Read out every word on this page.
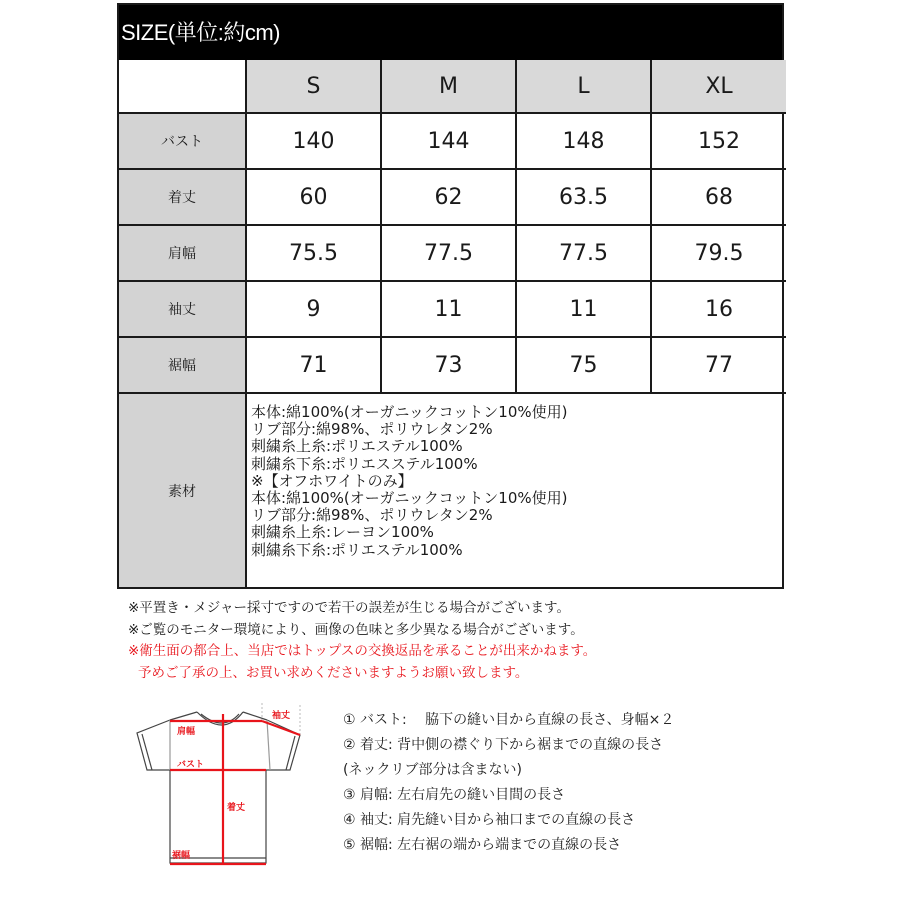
SIZE(単位:約cm)
S	M	L	XL
バスト	140	144	148	152
着丈	60	62	63.5	68
肩幅	75.5	77.5	77.5	79.5
袖丈	9	11	11	16
裾幅	71	73	75	77
素材
本体:綿100%(オーガニックコットン10%使用)
リブ部分:綿98%、ポリウレタン2%
刺繍糸上糸:ポリエステル100%
刺繍糸下糸:ポリエスステル100%
※【オフホワイトのみ】
本体:綿100%(オーガニックコットン10%使用)
リブ部分:綿98%、ポリウレタン2%
刺繍糸上糸:レーヨン100%
刺繍糸下糸:ポリエステル100%
※平置き・メジャー採寸ですので若干の誤差が生じる場合がございます。
※ご覧のモニター環境により、画像の色味と多少異なる場合がございます。
※衛生面の都合上、当店ではトップスの交換返品を承ることが出来かねます。
予めご了承の上、お買い求めくださいますようお願い致します。
肩幅
袖丈
バスト
着丈
裾幅
① バスト:　 脇下の縫い目から直線の長さ、身幅×２
② 着丈: 背中側の襟ぐり下から裾までの直線の長さ
(ネックリブ部分は含まない)
③ 肩幅: 左右肩先の縫い目間の長さ
④ 袖丈: 肩先縫い目から袖口までの直線の長さ
⑤ 裾幅: 左右裾の端から端までの直線の長さ
